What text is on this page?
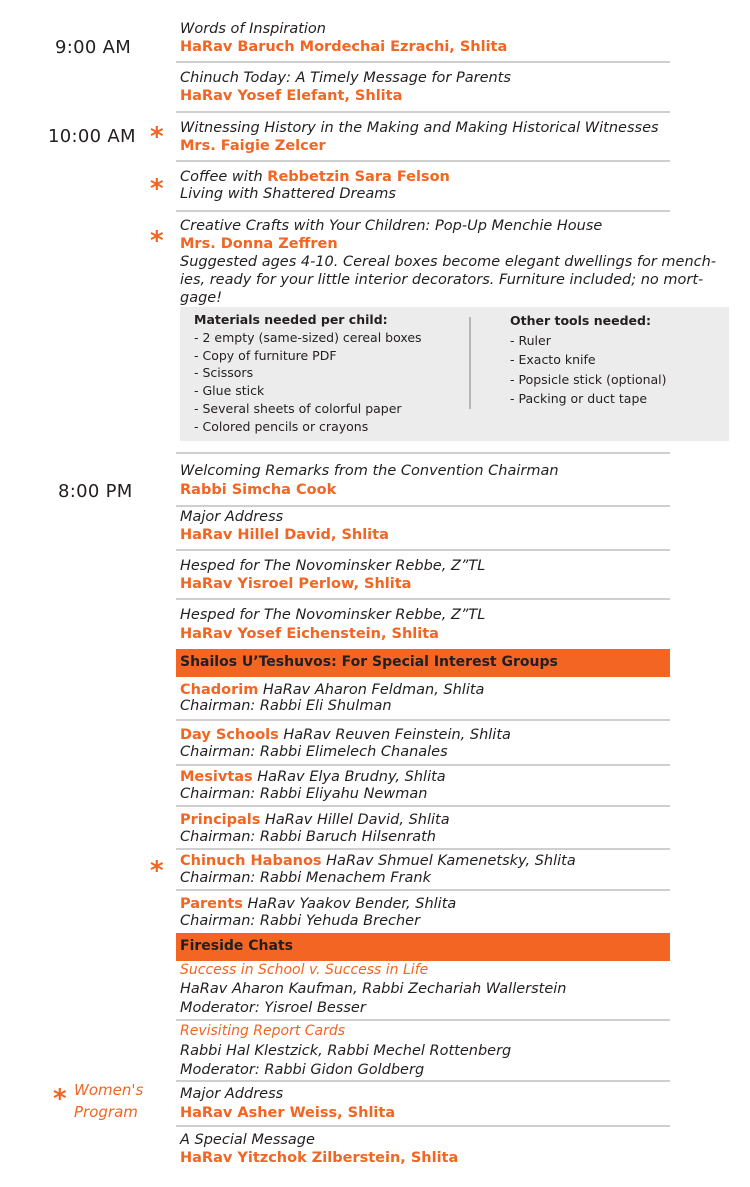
9:00 AM
10:00 AM
Words of Inspiration
HaRav Baruch Mordechai Ezrachi, Shlita
Chinuch Today: A Timely Message for Parents
HaRav Yosef Elefant, Shlita
* Witnessing History in the Making and Making Historical Witnesses
Mrs. Faigie Zelcer
* Coffee with Rebbetzin Sara Felson
Living with Shattered Dreams
* Creative Crafts with Your Children: Pop-Up Menchie House
Mrs. Donna Zeffren
Suggested ages 4-10. Cereal boxes become elegant dwellings for mench-
ies, ready for your little interior decorators. Furniture included; no mort-
gage!
Materials needed per child:
- 2 empty (same-sized) cereal boxes
- Copy of furniture PDF
- Scissors
- Glue stick
- Several sheets of colorful paper
- Colored pencils or crayons
Other tools needed:
- Ruler
- Exacto knife
- Popsicle stick (optional)
- Packing or duct tape
8:00 PM
Welcoming Remarks from the Convention Chairman
Rabbi Simcha Cook
Major Address
HaRav Hillel David, Shlita
Hesped for The Novominsker Rebbe, Z”TL
HaRav Yisroel Perlow, Shlita
Hesped for The Novominsker Rebbe, Z”TL
HaRav Yosef Eichenstein, Shlita
Shailos U’Teshuvos: For Special Interest Groups
Chadorim HaRav Aharon Feldman, Shlita
Chairman: Rabbi Eli Shulman
Day Schools HaRav Reuven Feinstein, Shlita
Chairman: Rabbi Elimelech Chanales
Mesivtas HaRav Elya Brudny, Shlita
Chairman: Rabbi Eliyahu Newman
Principals HaRav Hillel David, Shlita
Chairman: Rabbi Baruch Hilsenrath
* Chinuch Habanos HaRav Shmuel Kamenetsky, Shlita
Chairman: Rabbi Menachem Frank
Parents HaRav Yaakov Bender, Shlita
Chairman: Rabbi Yehuda Brecher
Fireside Chats
Success in School v. Success in Life
HaRav Aharon Kaufman, Rabbi Zechariah Wallerstein
Moderator: Yisroel Besser
Revisiting Report Cards
Rabbi Hal Klestzick, Rabbi Mechel Rottenberg
Moderator: Rabbi Gidon Goldberg
* Women's
Program
Major Address
HaRav Asher Weiss, Shlita
A Special Message
HaRav Yitzchok Zilberstein, Shlita
